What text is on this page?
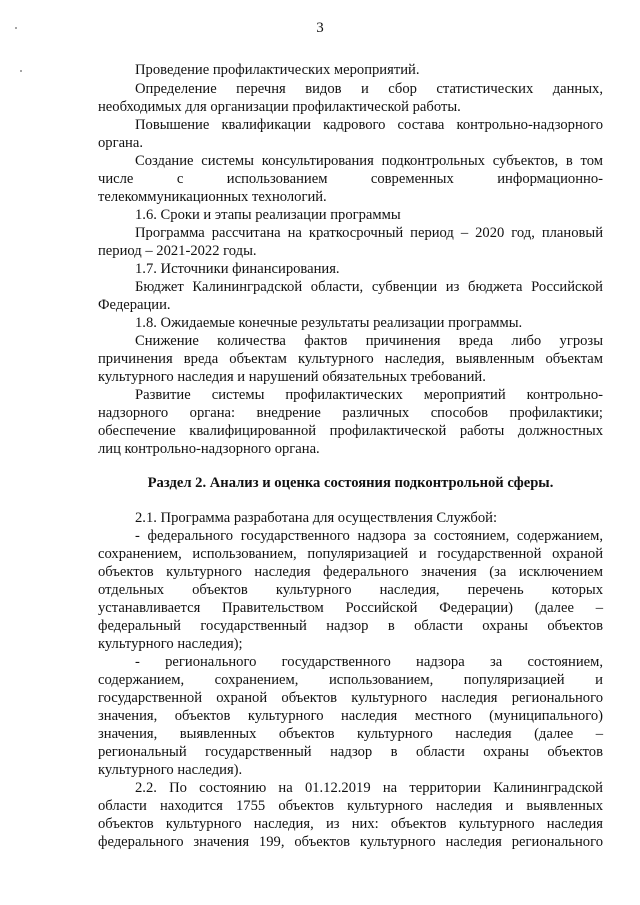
3
Проведение профилактических мероприятий.
Определение перечня видов и сбор статистических данных,
необходимых для организации профилактической работы.
Повышение квалификации кадрового состава контрольно-надзорного
органа.
Создание системы консультирования подконтрольных субъектов, в том
числе с использованием современных информационно-
телекоммуникационных технологий.
1.6. Сроки и этапы реализации программы
Программа рассчитана на краткосрочный период – 2020 год, плановый
период – 2021-2022 годы.
1.7. Источники финансирования.
Бюджет Калининградской области, субвенции из бюджета Российской
Федерации.
1.8. Ожидаемые конечные результаты реализации программы.
Снижение количества фактов причинения вреда либо угрозы
причинения вреда объектам культурного наследия, выявленным объектам
культурного наследия и нарушений обязательных требований.
Развитие системы профилактических мероприятий контрольно-
надзорного органа: внедрение различных способов профилактики;
обеспечение квалифицированной профилактической работы должностных
лиц контрольно-надзорного органа.
Раздел 2. Анализ и оценка состояния подконтрольной сферы.
2.1. Программа разработана для осуществления Службой:
- федерального государственного надзора за состоянием, содержанием,
сохранением, использованием, популяризацией и государственной охраной
объектов культурного наследия федерального значения (за исключением
отдельных объектов культурного наследия, перечень которых
устанавливается Правительством Российской Федерации) (далее –
федеральный государственный надзор в области охраны объектов
культурного наследия);
- регионального государственного надзора за состоянием,
содержанием, сохранением, использованием, популяризацией и
государственной охраной объектов культурного наследия регионального
значения, объектов культурного наследия местного (муниципального)
значения, выявленных объектов культурного наследия (далее –
региональный государственный надзор в области охраны объектов
культурного наследия).
2.2. По состоянию на 01.12.2019 на территории Калининградской
области находится 1755 объектов культурного наследия и выявленных
объектов культурного наследия, из них: объектов культурного наследия
федерального значения 199, объектов культурного наследия регионального
